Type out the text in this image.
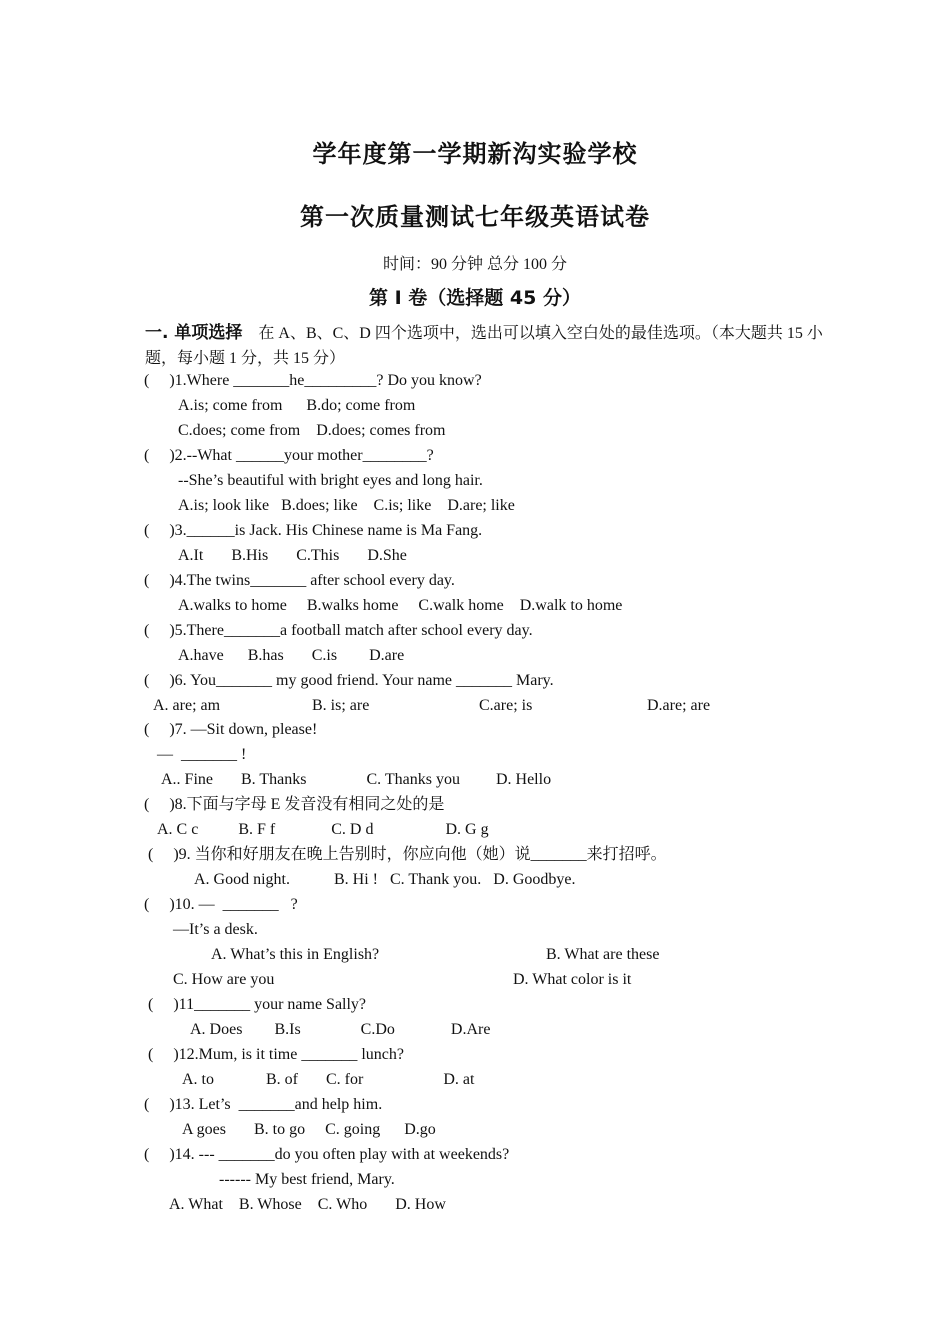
学年度第一学期新沟实验学校
第一次质量测试七年级英语试卷
时间：90 分钟 总分 100 分
第 I 卷（选择题 45 分）
一. 单项选择 在 A、B、C、D 四个选项中，选出可以填入空白处的最佳选项。（本大题共 15 小题，每小题 1 分，共 15 分）
(     )1.Where _______he_________? Do you know?
A.is; come from      B.do; come from
C.does; come from    D.does; comes from
(     )2.--What ______your mother________?
--She’s beautiful with bright eyes and long hair.
A.is; look like   B.does; like    C.is; like    D.are; like
(     )3.______is Jack. His Chinese name is Ma Fang.
A.It       B.His       C.This       D.She
(     )4.The twins_______ after school every day.
A.walks to home     B.walks home     C.walk home    D.walk to home
(     )5.There_______a football match after school every day.
A.have      B.has       C.is        D.are
(     )6. You_______ my good friend. Your name _______ Mary.
A. are; am	B. is; are	C.are; is	D.are; are
(     )7. —Sit down, please!
—  _______ !
A.. Fine       B. Thanks               C. Thanks you         D. Hello
(     )8.下面与字母 E 发音没有相同之处的是
A. C c          B. F f              C. D d                  D. G g
(     )9. 当你和好朋友在晚上告别时，你应向他（她）说_______来打招呼。
A. Good night.           B. Hi !   C. Thank you.   D. Goodbye.
(     )10. —  _______   ?
—It’s a desk.
A. What’s this in English?	B. What are these
C. How are you	D. What color is it
(     )11_______ your name Sally?
A. Does        B.Is               C.Do              D.Are
(     )12.Mum, is it time _______ lunch?
A. to             B. of       C. for                    D. at
(     )13. Let’s  _______and help him.
A goes       B. to go     C. going      D.go
(     )14. --- _______do you often play with at weekends?
------ My best friend, Mary.
A. What    B. Whose    C. Who       D. How
